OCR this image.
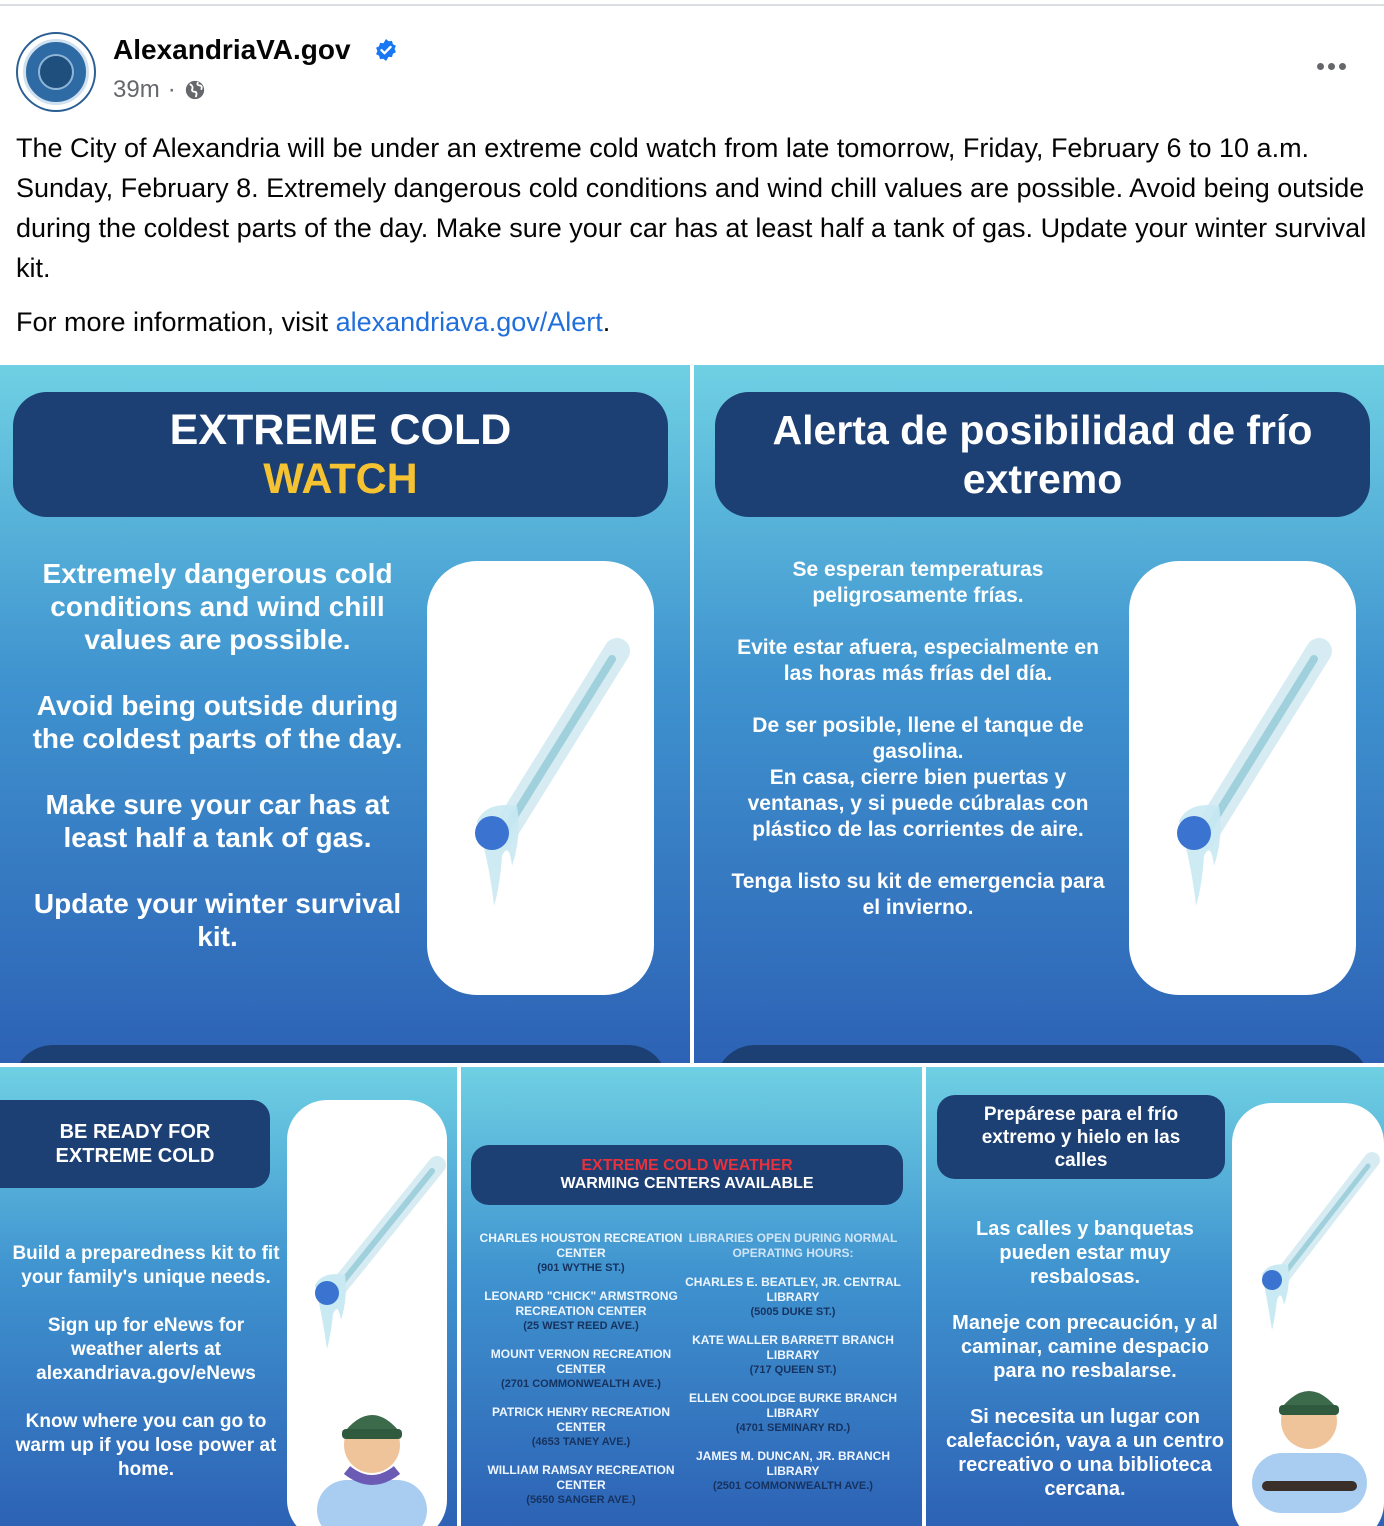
AlexandriaVA.gov
39m ·
The City of Alexandria will be under an extreme cold watch from late tomorrow, Friday, February 6 to 10 a.m. Sunday, February 8. Extremely dangerous cold conditions and wind chill values are possible. Avoid being outside during the coldest parts of the day. Make sure your car has at least half a tank of gas. Update your winter survival kit.
For more information, visit alexandriava.gov/Alert.
EXTREME COLD
WATCH

Extremely dangerous cold conditions and wind chill values are possible.

Avoid being outside during the coldest parts of the day.

Make sure your car has at least half a tank of gas.

Update your winter survival kit.

Alerta de posibilidad de frío extremo

Se esperan temperaturas peligrosamente frías.

Evite estar afuera, especialmente en las horas más frías del día.

De ser posible, llene el tanque de gasolina.

En casa, cierre bien puertas y ventanas, y si puede cúbralas con plástico de las corrientes de aire.

Tenga listo su kit de emergencia para el invierno.

BE READY FOR EXTREME COLD

Build a preparedness kit to fit your family's unique needs.

Sign up for eNews for weather alerts at alexandriava.gov/eNews

Know where you can go to warm up if you lose power at home.

EXTREME COLD WEATHER
WARMING CENTERS AVAILABLE
CHARLES HOUSTON RECREATION CENTER
(901 WYTHE ST.)
LEONARD "CHICK" ARMSTRONG RECREATION CENTER
(25 WEST REED AVE.)
MOUNT VERNON RECREATION CENTER
(2701 COMMONWEALTH AVE.)
PATRICK HENRY RECREATION CENTER
(4653 TANEY AVE.)
WILLIAM RAMSAY RECREATION CENTER
(5650 SANGER AVE.)
LIBRARIES OPEN DURING NORMAL OPERATING HOURS:
CHARLES E. BEATLEY, JR. CENTRAL LIBRARY
(5005 DUKE ST.)
KATE WALLER BARRETT BRANCH LIBRARY
(717 QUEEN ST.)
ELLEN COOLIDGE BURKE BRANCH LIBRARY
(4701 SEMINARY RD.)
JAMES M. DUNCAN, JR. BRANCH LIBRARY
(2501 COMMONWEALTH AVE.)
Prepárese para el frío extremo y hielo en las calles

Las calles y banquetas pueden estar muy resbalosas.

Maneje con precaución, y al caminar, camine despacio para no resbalarse.

Si necesita un lugar con calefacción, vaya a un centro recreativo o una biblioteca cercana.
